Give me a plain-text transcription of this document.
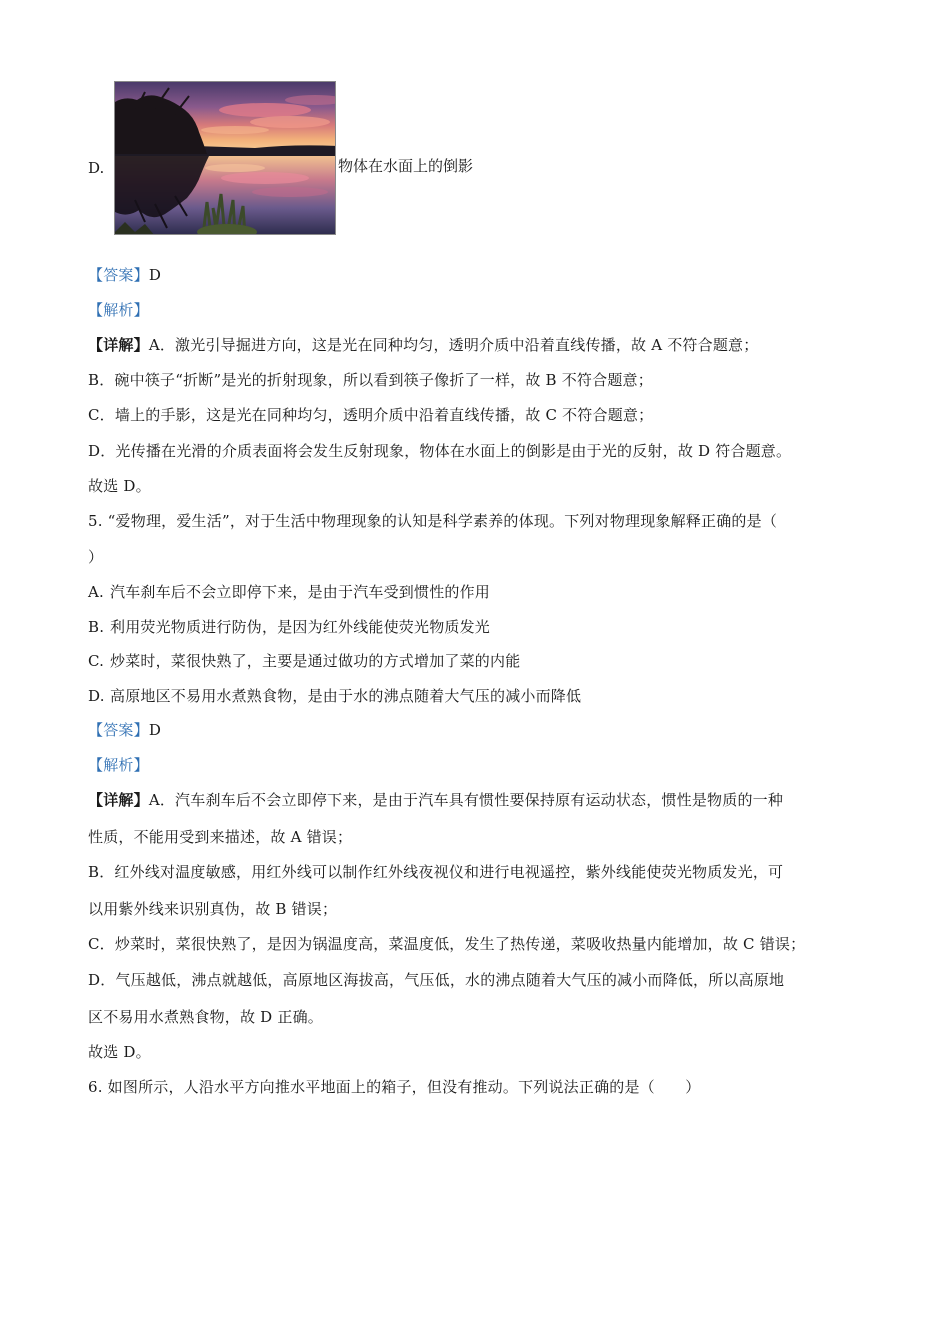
D.	物体在水面上的倒影
【答案】D
【解析】
【详解】A．激光引导掘进方向，这是光在同种均匀，透明介质中沿着直线传播，故 A 不符合题意；
B．碗中筷子“折断”是光的折射现象，所以看到筷子像折了一样，故 B 不符合题意；
C．墙上的手影，这是光在同种均匀，透明介质中沿着直线传播，故 C 不符合题意；
D．光传播在光滑的介质表面将会发生反射现象，物体在水面上的倒影是由于光的反射，故 D 符合题意。
故选 D。
5. “爱物理，爱生活”，对于生活中物理现象的认知是科学素养的体现。下列对物理现象解释正确的是（
）
A. 汽车刹车后不会立即停下来，是由于汽车受到惯性的作用
B. 利用荧光物质进行防伪，是因为红外线能使荧光物质发光
C. 炒菜时，菜很快熟了，主要是通过做功的方式增加了菜的内能
D. 高原地区不易用水煮熟食物，是由于水的沸点随着大气压的减小而降低
【答案】D
【解析】
【详解】A．汽车刹车后不会立即停下来，是由于汽车具有惯性要保持原有运动状态，惯性是物质的一种
性质，不能用受到来描述，故 A 错误；
B．红外线对温度敏感，用红外线可以制作红外线夜视仪和进行电视遥控，紫外线能使荧光物质发光，可
以用紫外线来识别真伪，故 B 错误；
C．炒菜时，菜很快熟了，是因为锅温度高，菜温度低，发生了热传递，菜吸收热量内能增加，故 C 错误；
D．气压越低，沸点就越低，高原地区海拔高，气压低，水的沸点随着大气压的减小而降低，所以高原地
区不易用水煮熟食物，故 D 正确。
故选 D。
6. 如图所示，人沿水平方向推水平地面上的箱子，但没有推动。下列说法正确的是（　　）
